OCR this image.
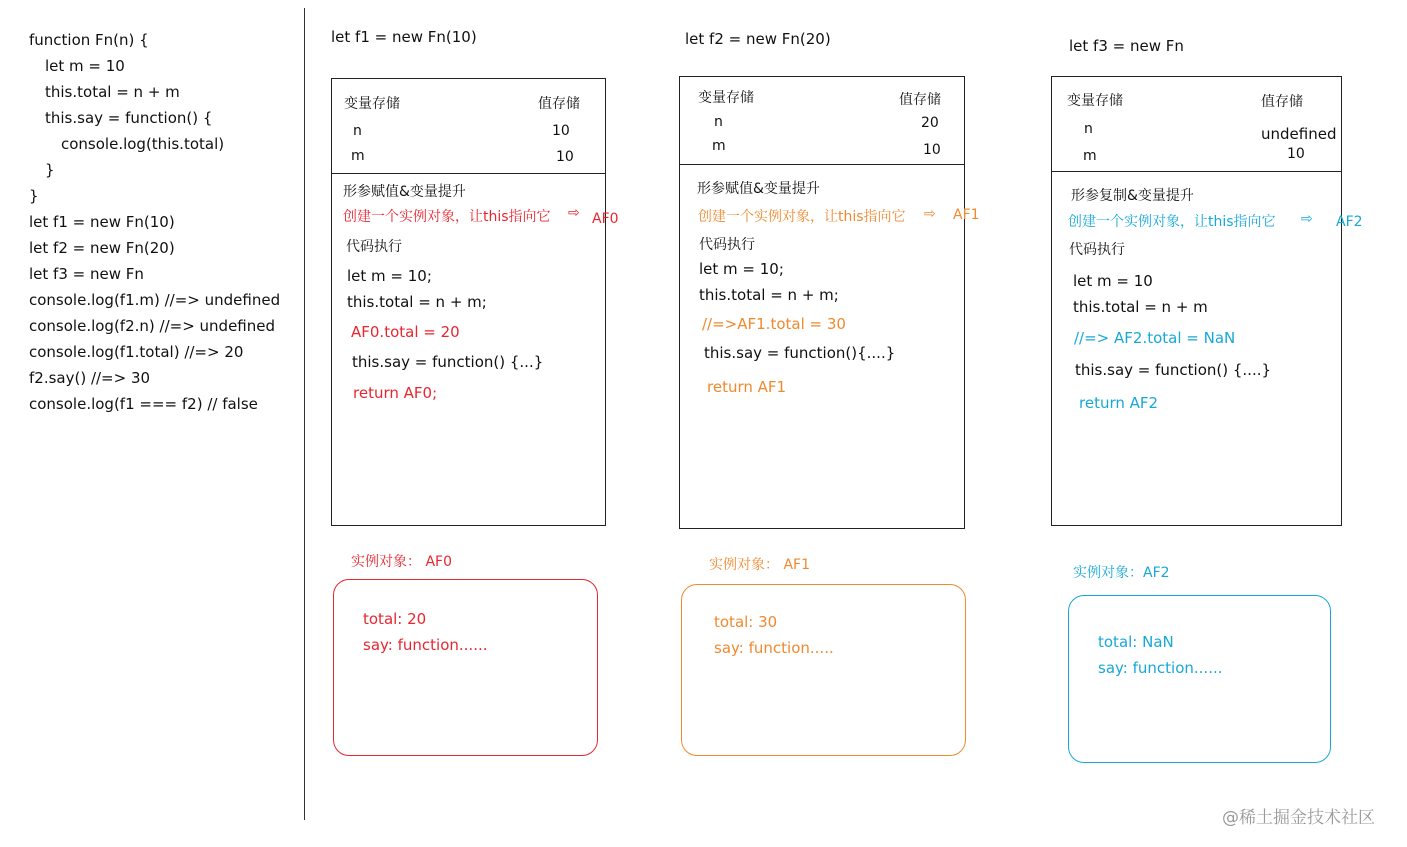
function Fn(n) {
let m = 10
this.total = n + m
this.say = function() {
console.log(this.total)
}
}
let f1 = new Fn(10)
let f2 = new Fn(20)
let f3 = new Fn
console.log(f1.m) //=> undefined
console.log(f2.n) //=> undefined
console.log(f1.total) //=> 20
f2.say() //=> 30
console.log(f1 === f2) // false
let f1 = new Fn(10)
变量存储	值存储
n	10
m	10
形参赋值&变量提升
创建一个实例对象，让this指向它 ⇨ AF0
代码执行
let m = 10;
this.total = n + m;
AF0.total = 20
this.say = function() {...}
return AF0;
实例对象： AF0
total: 20
say: function......
let f2 = new Fn(20)
变量存储	值存储
n	20
m	10
形参赋值&变量提升
创建一个实例对象，让this指向它 ⇨ AF1
代码执行
let m = 10;
this.total = n + m;
//=>AF1.total = 30
this.say = function(){....}
return AF1
实例对象： AF1
total: 30
say: function.....
let f3 = new Fn
变量存储	值存储
n	undefined
m	10
形参复制&变量提升
创建一个实例对象，让this指向它 ⇨ AF2
代码执行
let m = 10
this.total = n + m
//=> AF2.total = NaN
this.say = function() {....}
return AF2
实例对象：AF2
total: NaN
say: function......
@稀土掘金技术社区
